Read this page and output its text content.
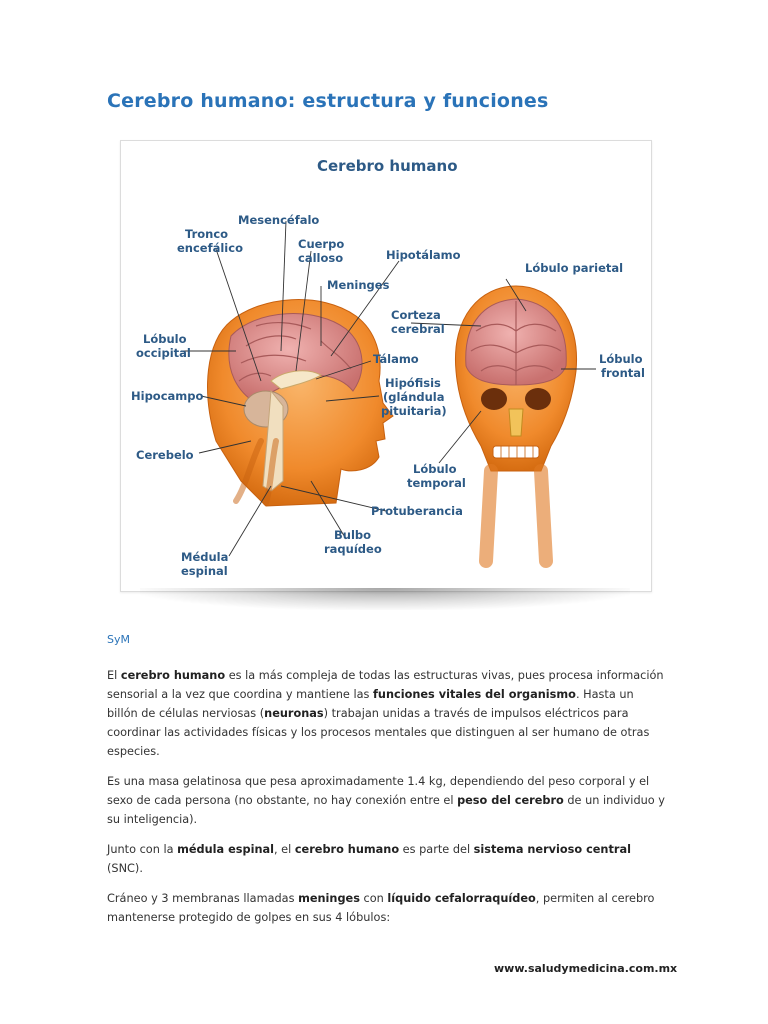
Cerebro humano: estructura y funciones
Cerebro humano
Mesencéfalo
Tronco
encefálico	Cuerpo
calloso	Hipotálamo
Meninges
Lóbulo
occipital	Tálamo
Hipocampo
Hipófisis
(glándula
pituitaria)
Cerebelo
Protuberancia
Bulbo
raquídeo
Médula
espinal
Lóbulo parietal
Corteza
cerebral
Lóbulo
frontal
Lóbulo
temporal
SyM

El cerebro humano es la más compleja de todas las estructuras vivas, pues procesa información sensorial a la vez que coordina y mantiene las funciones vitales del organismo. Hasta un billón de células nerviosas (neuronas) trabajan unidas a través de impulsos eléctricos para coordinar las actividades físicas y los procesos mentales que distinguen al ser humano de otras especies.

Es una masa gelatinosa que pesa aproximadamente 1.4 kg, dependiendo del peso corporal y el sexo de cada persona (no obstante, no hay conexión entre el peso del cerebro de un individuo y su inteligencia).

Junto con la médula espinal, el cerebro humano es parte del sistema nervioso central (SNC).

Cráneo y 3 membranas llamadas meninges con líquido cefalorraquídeo, permiten al cerebro mantenerse protegido de golpes en sus 4 lóbulos:

www.saludymedicina.com.mx
